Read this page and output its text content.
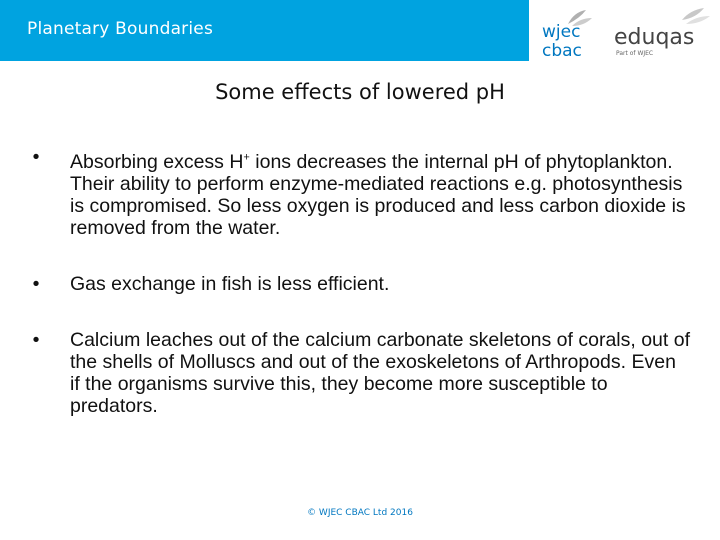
Planetary Boundaries	wjec
cbac
eduqas
Part of WJEC
Some effects of lowered pH
• Absorbing excess H+ ions decreases the internal pH of phytoplankton. Their ability to perform enzyme-mediated reactions e.g. photosynthesis is compromised. So less oxygen is produced and less carbon dioxide is removed from the water.
• Gas exchange in fish is less efficient.
• Calcium leaches out of the calcium carbonate skeletons of corals, out of the shells of Molluscs and out of the exoskeletons of Arthropods. Even if the organisms survive this, they become more susceptible to predators.
© WJEC CBAC Ltd 2016
